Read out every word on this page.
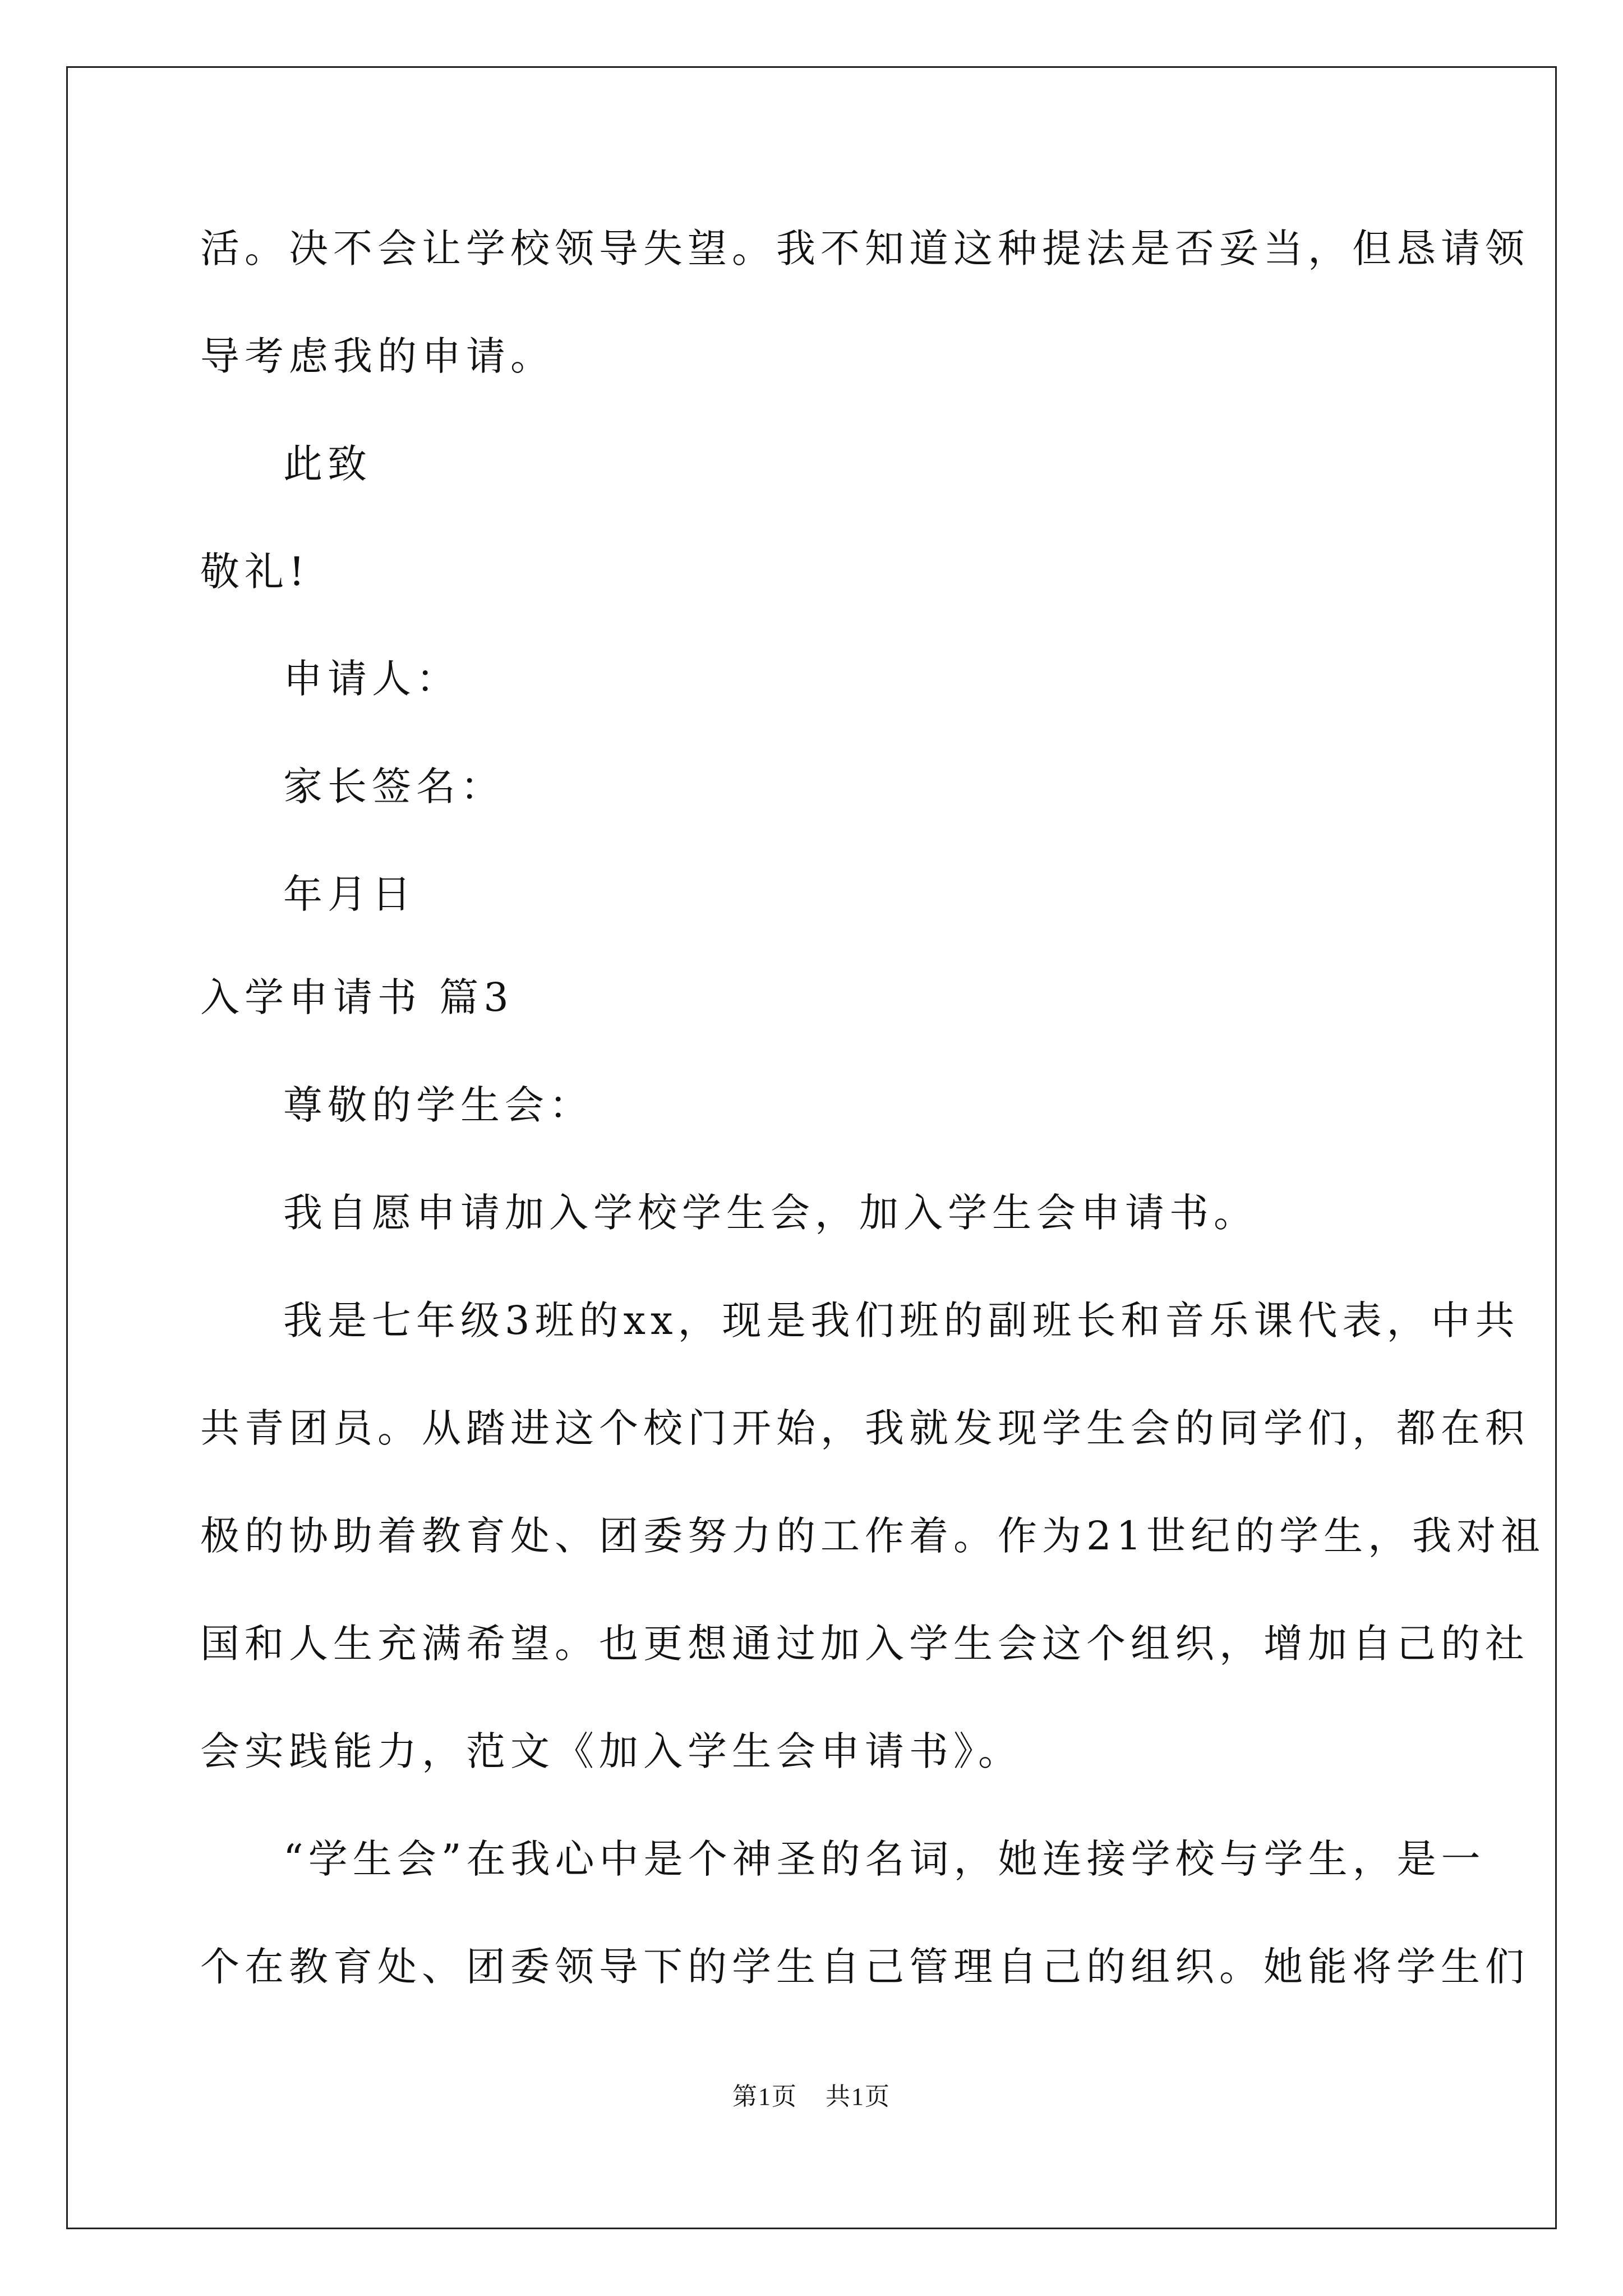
活。决不会让学校领导失望。我不知道这种提法是否妥当，但恳请领
导考虑我的申请。
此致
敬礼!
申请人：
家长签名：
年月日
入学申请书 篇3
尊敬的学生会：
我自愿申请加入学校学生会，加入学生会申请书。
我是七年级3班的xx，现是我们班的副班长和音乐课代表，中共
共青团员。从踏进这个校门开始，我就发现学生会的同学们，都在积
极的协助着教育处、团委努力的工作着。作为21世纪的学生，我对祖
国和人生充满希望。也更想通过加入学生会这个组织，增加自己的社
会实践能力，范文《加入学生会申请书》。
“学生会”在我心中是个神圣的名词，她连接学校与学生，是一
个在教育处、团委领导下的学生自己管理自己的组织。她能将学生们
第1页 共1页
